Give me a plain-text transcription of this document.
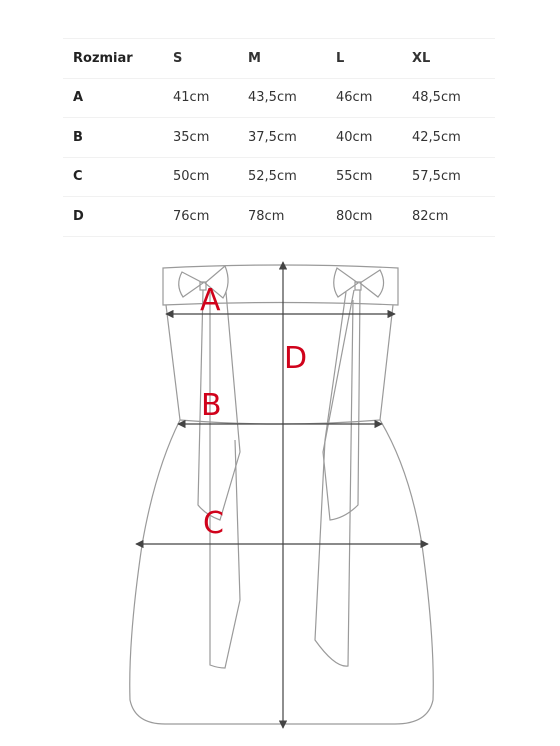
Rozmiar	S	M	L	XL
A	41cm	43,5cm	46cm	48,5cm
B	35cm	37,5cm	40cm	42,5cm
C	50cm	52,5cm	55cm	57,5cm
D	76cm	78cm	80cm	82cm
A
B
C
D
